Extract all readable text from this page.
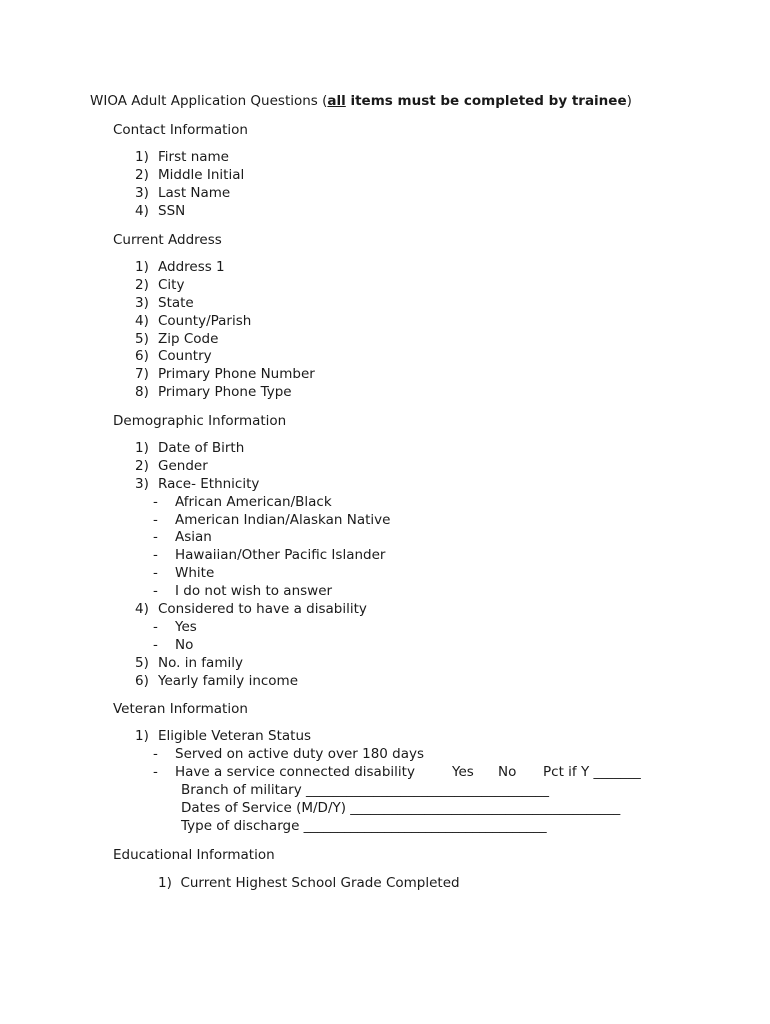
WIOA Adult Application Questions (all items must be completed by trainee)
Contact Information
1) First name
2) Middle Initial
3) Last Name
4) SSN
Current Address
1) Address 1
2) City
3) State
4) County/Parish
5) Zip Code
6) Country
7) Primary Phone Number
8) Primary Phone Type
Demographic Information
1) Date of Birth
2) Gender
3) Race- Ethnicity
- African American/Black
- American Indian/Alaskan Native
- Asian
- Hawaiian/Other Pacific Islander
- White
- I do not wish to answer
4) Considered to have a disability
- Yes
- No
5) No. in family
6) Yearly family income
Veteran Information
1) Eligible Veteran Status
- Served on active duty over 180 days
- Have a service connected disability	Yes No Pct if Y _______
Branch of military ____________________________________
Dates of Service (M/D/Y) ________________________________________
Type of discharge ____________________________________
Educational Information
1) Current Highest School Grade Completed
